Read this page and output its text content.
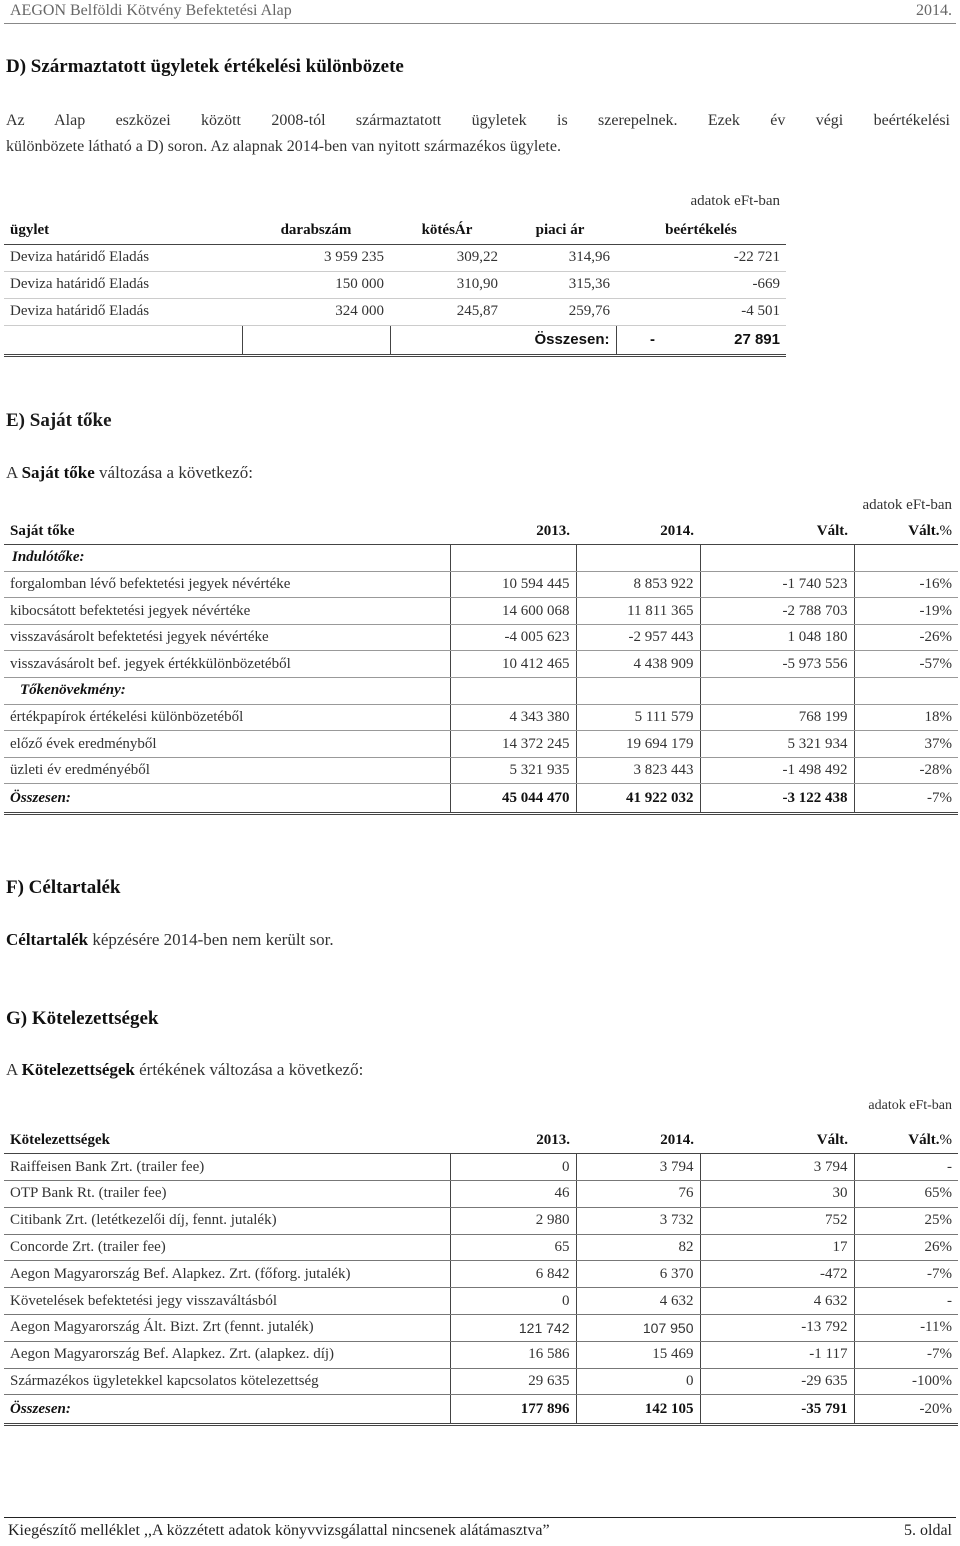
AEGON Belföldi Kötvény Befektetési Alap	2014.
D) Származtatott ügyletek értékelési különbözete
Az Alap eszközei között 2008-tól származtatott ügyletek is szerepelnek. Ezek év végi beértékelési
különbözete látható a D) soron. Az alapnak 2014-ben van nyitott származékos ügylete.
adatok eFt-ban
ügylet	darabszám	kötésÁr	piaci ár	beértékelés
Deviza határidő Eladás	3 959 235	309,22	314,96	-22 721
Deviza határidő Eladás	150 000	310,90	315,36	-669
Deviza határidő Eladás	324 000	245,87	259,76	-4 501
			Összesen:	- 27 891
E) Saját tőke
A Saját tőke változása a következő:
adatok eFt-ban
Saját tőke	2013.	2014.	Vált.	Vált.%
Indulótőke:				
forgalomban lévő befektetési jegyek névértéke	10 594 445	8 853 922	-1 740 523	-16%
kibocsátott befektetési jegyek névértéke	14 600 068	11 811 365	-2 788 703	-19%
visszavásárolt befektetési jegyek névértéke	-4 005 623	-2 957 443	1 048 180	-26%
visszavásárolt bef. jegyek értékkülönbözetéből	10 412 465	4 438 909	-5 973 556	-57%
Tőkenövekmény:				
értékpapírok értékelési különbözetéből	4 343 380	5 111 579	768 199	18%
előző évek eredményből	14 372 245	19 694 179	5 321 934	37%
üzleti év eredményéből	5 321 935	3 823 443	-1 498 492	-28%
Összesen:	45 044 470	41 922 032	-3 122 438	-7%
F) Céltartalék
Céltartalék képzésére 2014-ben nem került sor.
G) Kötelezettségek
A Kötelezettségek értékének változása a következő:
adatok eFt-ban
Kötelezettségek	2013.	2014.	Vált.	Vált.%
Raiffeisen Bank Zrt. (trailer fee)	0	3 794	3 794	-
OTP Bank Rt. (trailer fee)	46	76	30	65%
Citibank Zrt. (letétkezelői díj, fennt. jutalék)	2 980	3 732	752	25%
Concorde Zrt. (trailer fee)	65	82	17	26%
Aegon Magyarország Bef. Alapkez. Zrt. (főforg. jutalék)	6 842	6 370	-472	-7%
Követelések befektetési jegy visszaváltásból	0	4 632	4 632	-
Aegon Magyarország Ált. Bizt. Zrt (fennt. jutalék)	121 742	107 950	-13 792	-11%
Aegon Magyarország Bef. Alapkez. Zrt. (alapkez. díj)	16 586	15 469	-1 117	-7%
Származékos ügyletekkel kapcsolatos kötelezettség	29 635	0	-29 635	-100%
Összesen:	177 896	142 105	-35 791	-20%
Kiegészítő melléklet ,,A közzétett adatok könyvvizsgálattal nincsenek alátámasztva”	5. oldal
